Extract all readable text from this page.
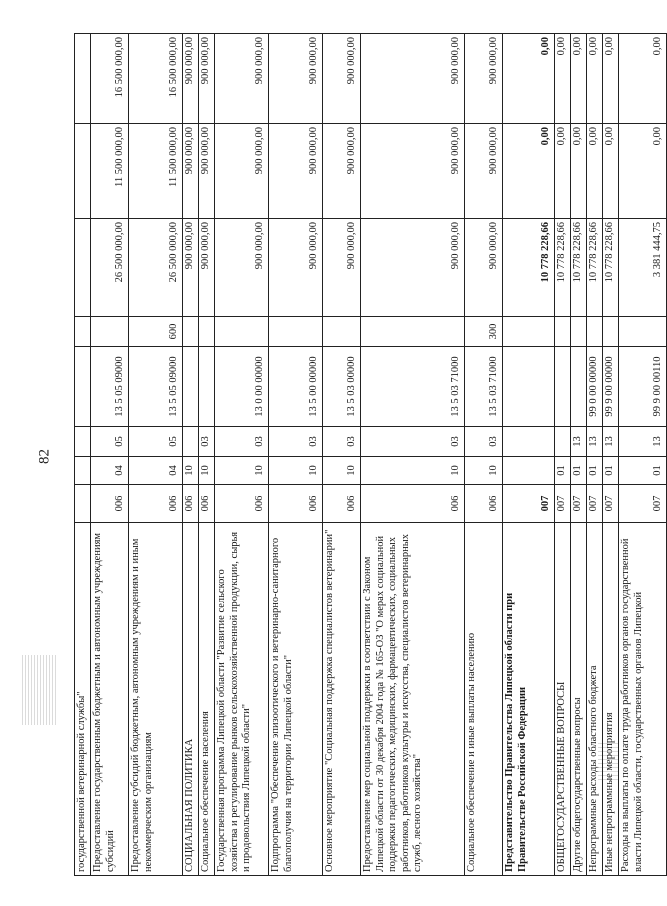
82
государственной ветеринарной службы"								
Предоставление государственным бюджетным и автономным учреждениям субсидий	006	04	05	13 5 05 09000		26 500 000,00	11 500 000,00	16 500 000,00
Предоставление субсидий бюджетным, автономным учреждениям и иным некоммерческим организациям	006	04	05	13 5 05 09000	600	26 500 000,00	11 500 000,00	16 500 000,00
СОЦИАЛЬНАЯ ПОЛИТИКА	006	10				900 000,00	900 000,00	900 000,00
Социальное обеспечение населения	006	10	03			900 000,00	900 000,00	900 000,00
Государственная программа Липецкой области "Развитие сельского хозяйства и регулирование рынков сельскохозяйственной продукции, сырья и продовольствия Липецкой области"	006	10	03	13 0 00 00000		900 000,00	900 000,00	900 000,00
Подпрограмма "Обеспечение эпизоотического и ветеринарно-санитарного благополучия на территории Липецкой области"	006	10	03	13 5 00 00000		900 000,00	900 000,00	900 000,00
Основное мероприятие "Социальная поддержка специалистов ветеринарии"	006	10	03	13 5 03 00000		900 000,00	900 000,00	900 000,00
Предоставление мер социальной поддержки в соответствии с Законом Липецкой области от 30 декабря 2004 года № 165-ОЗ "О мерах социальной поддержки педагогических, медицинских, фармацевтических, социальных работников, работников культуры и искусства, специалистов ветеринарных служб, лесного хозяйства"	006	10	03	13 5 03 71000		900 000,00	900 000,00	900 000,00
Социальное обеспечение и иные выплаты населению	006	10	03	13 5 03 71000	300	900 000,00	900 000,00	900 000,00
Представительство Правительства Липецкой области при Правительстве Российской Федерации	007					10 778 228,66	0,00	0,00
ОБЩЕГОСУДАРСТВЕННЫЕ ВОПРОСЫ	007	01				10 778 228,66	0,00	0,00
Другие общегосударственные вопросы	007	01	13			10 778 228,66	0,00	0,00
Непрограммные расходы областного бюджета	007	01	13	99 0 00 00000		10 778 228,66	0,00	0,00
Иные непрограммные мероприятия	007	01	13	99 9 00 00000		10 778 228,66	0,00	0,00
Расходы на выплаты по оплате труда работников органов государственной власти Липецкой области, государственных органов Липецкой	007	01	13	99 9 00 00110		3 381 444,75	0,00	0,00
